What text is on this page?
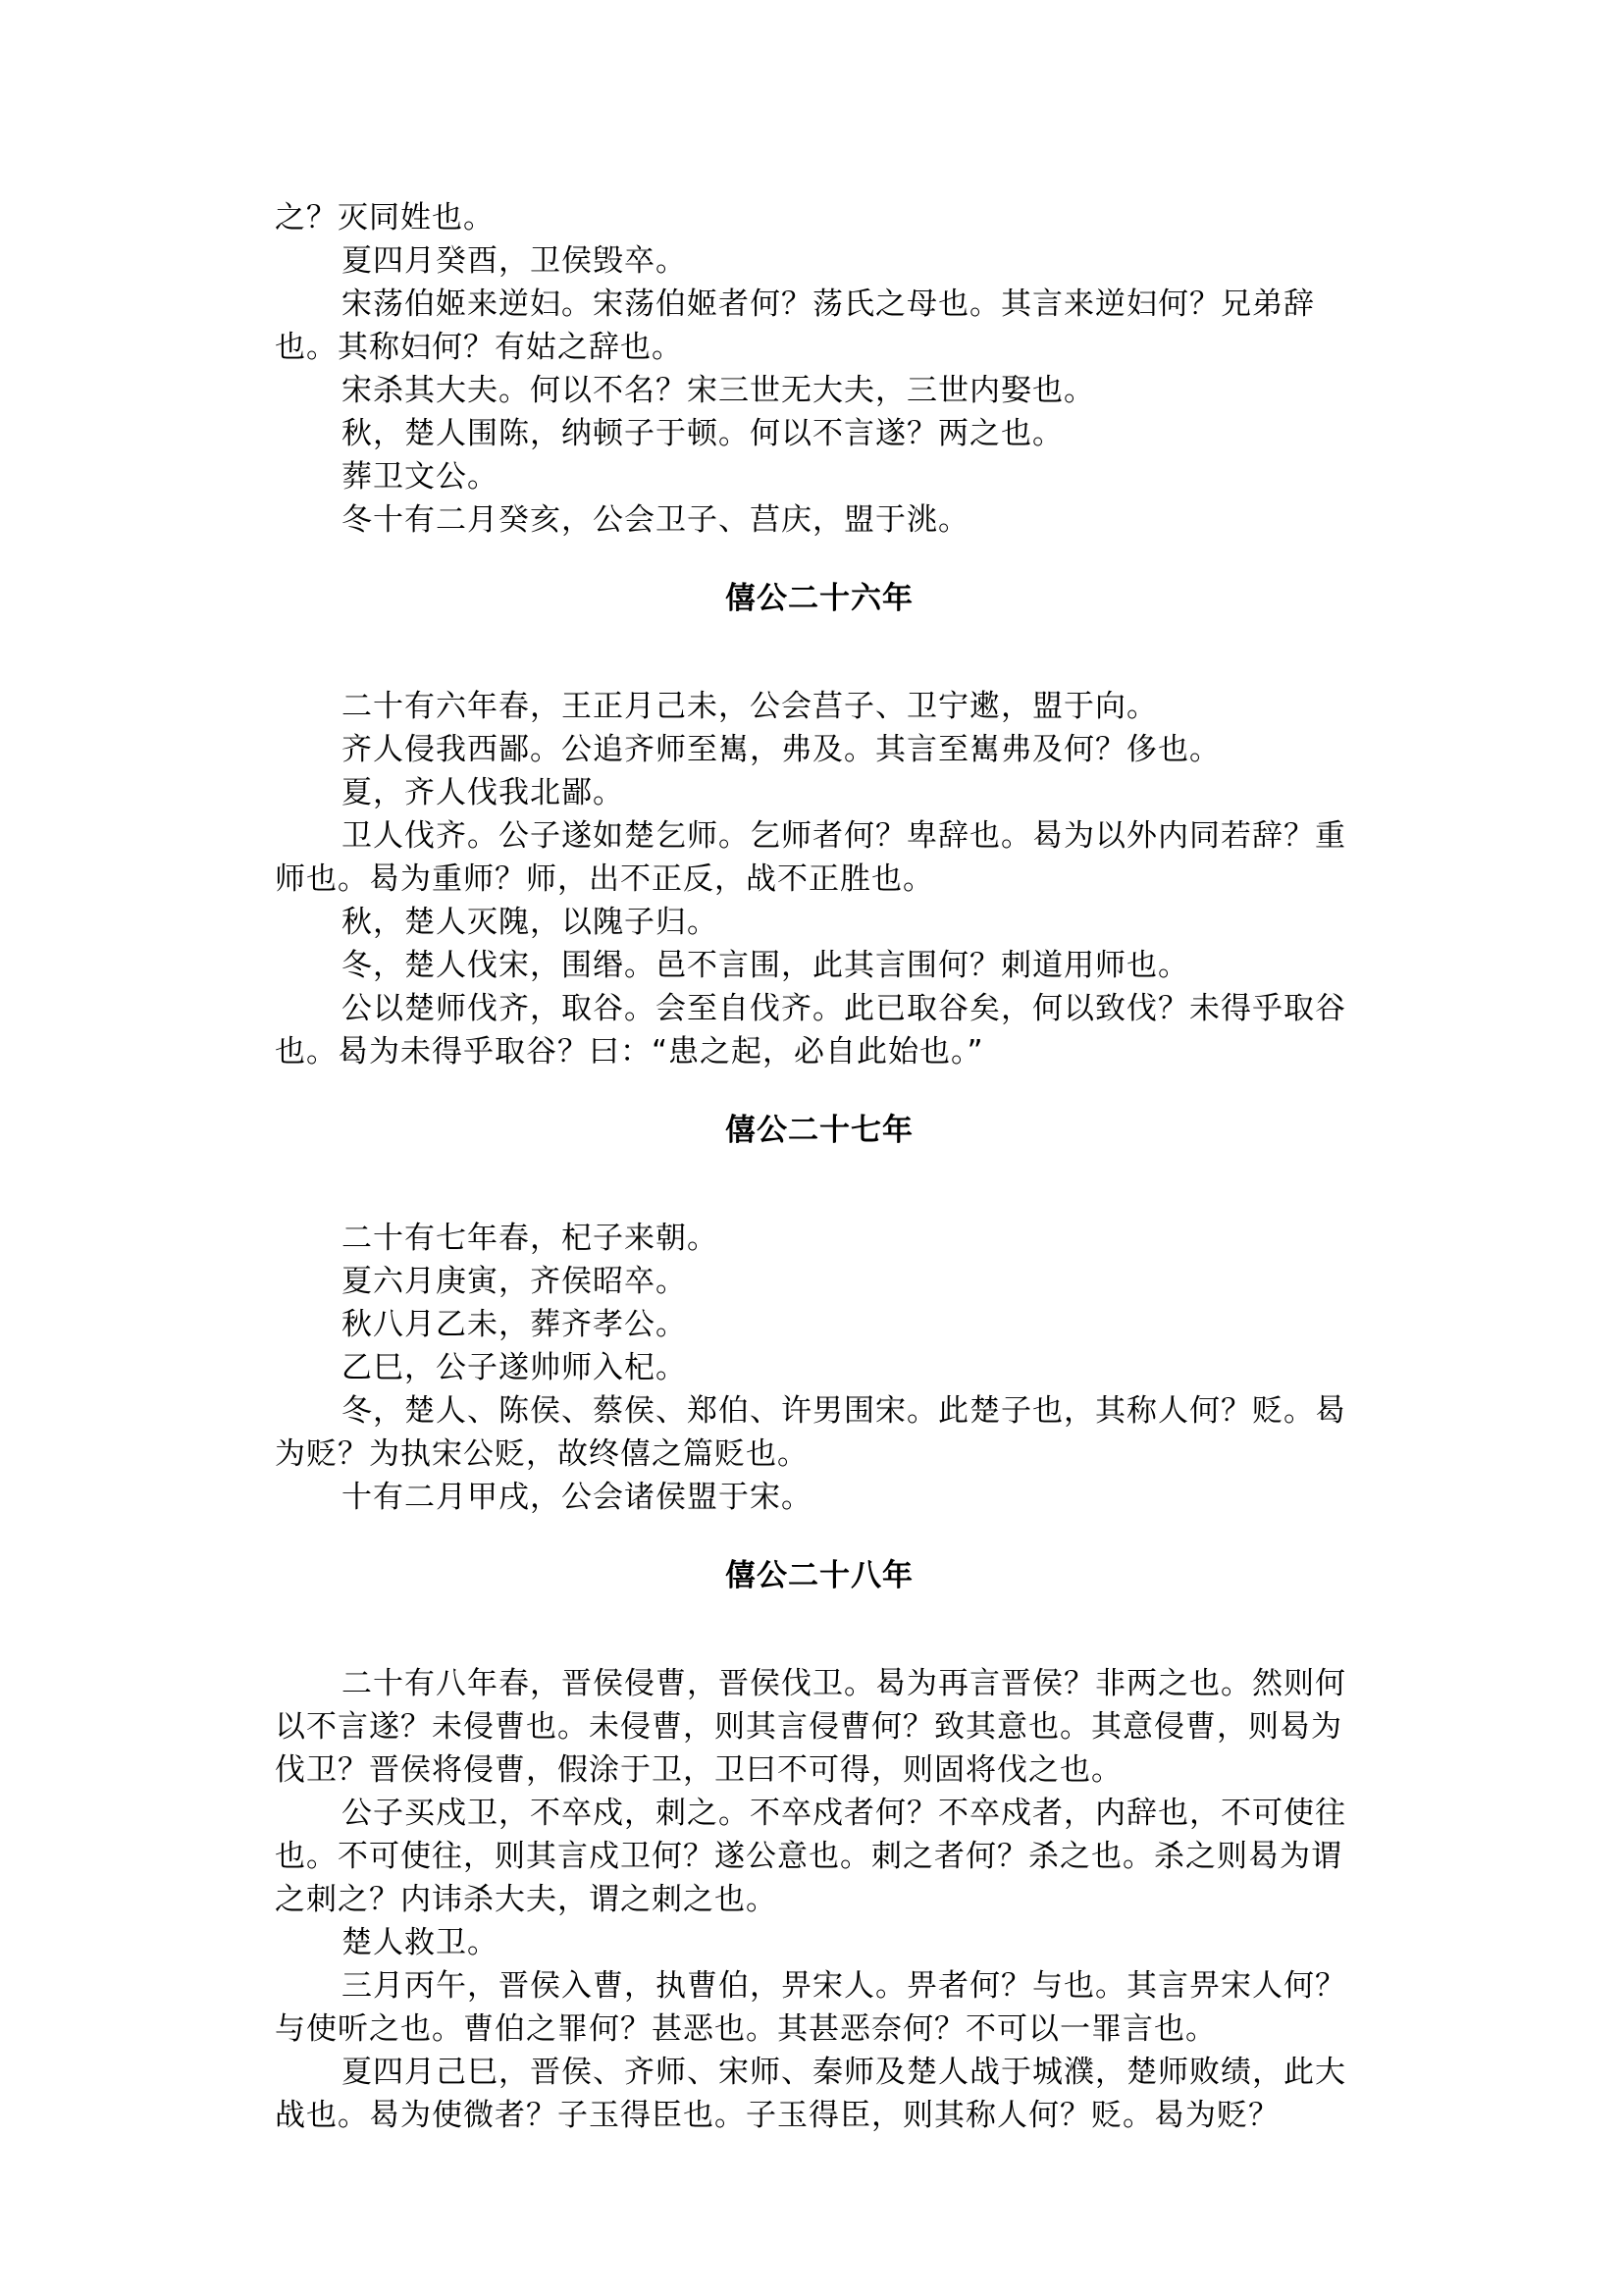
之？灭同姓也。

夏四月癸酉，卫侯毁卒。

宋荡伯姬来逆妇。宋荡伯姬者何？荡氏之母也。其言来逆妇何？兄弟辞也。其称妇何？有姑之辞也。

宋杀其大夫。何以不名？宋三世无大夫，三世内娶也。

秋，楚人围陈，纳顿子于顿。何以不言遂？两之也。

葬卫文公。

冬十有二月癸亥，公会卫子、莒庆，盟于洮。

僖公二十六年

二十有六年春，王正月己未，公会莒子、卫宁遬，盟于向。

齐人侵我西鄙。公追齐师至嶲，弗及。其言至嶲弗及何？侈也。

夏，齐人伐我北鄙。

卫人伐齐。公子遂如楚乞师。乞师者何？卑辞也。曷为以外内同若辞？重师也。曷为重师？师，出不正反，战不正胜也。

秋，楚人灭隗，以隗子归。

冬，楚人伐宋，围缗。邑不言围，此其言围何？刺道用师也。

公以楚师伐齐，取谷。会至自伐齐。此已取谷矣，何以致伐？未得乎取谷也。曷为未得乎取谷？曰：“患之起，必自此始也。”

僖公二十七年

二十有七年春，杞子来朝。

夏六月庚寅，齐侯昭卒。

秋八月乙未，葬齐孝公。

乙巳，公子遂帅师入杞。

冬，楚人、陈侯、蔡侯、郑伯、许男围宋。此楚子也，其称人何？贬。曷为贬？为执宋公贬，故终僖之篇贬也。

十有二月甲戌，公会诸侯盟于宋。

僖公二十八年

二十有八年春，晋侯侵曹，晋侯伐卫。曷为再言晋侯？非两之也。然则何以不言遂？未侵曹也。未侵曹，则其言侵曹何？致其意也。其意侵曹，则曷为伐卫？晋侯将侵曹，假涂于卫，卫曰不可得，则固将伐之也。

公子买戍卫，不卒戍，刺之。不卒戍者何？不卒戍者，内辞也，不可使往也。不可使往，则其言戍卫何？遂公意也。刺之者何？杀之也。杀之则曷为谓之刺之？内讳杀大夫，谓之刺之也。

楚人救卫。

三月丙午，晋侯入曹，执曹伯，畀宋人。畀者何？与也。其言畀宋人何？与使听之也。曹伯之罪何？甚恶也。其甚恶奈何？不可以一罪言也。

夏四月己巳，晋侯、齐师、宋师、秦师及楚人战于城濮，楚师败绩，此大战也。曷为使微者？子玉得臣也。子玉得臣，则其称人何？贬。曷为贬？
